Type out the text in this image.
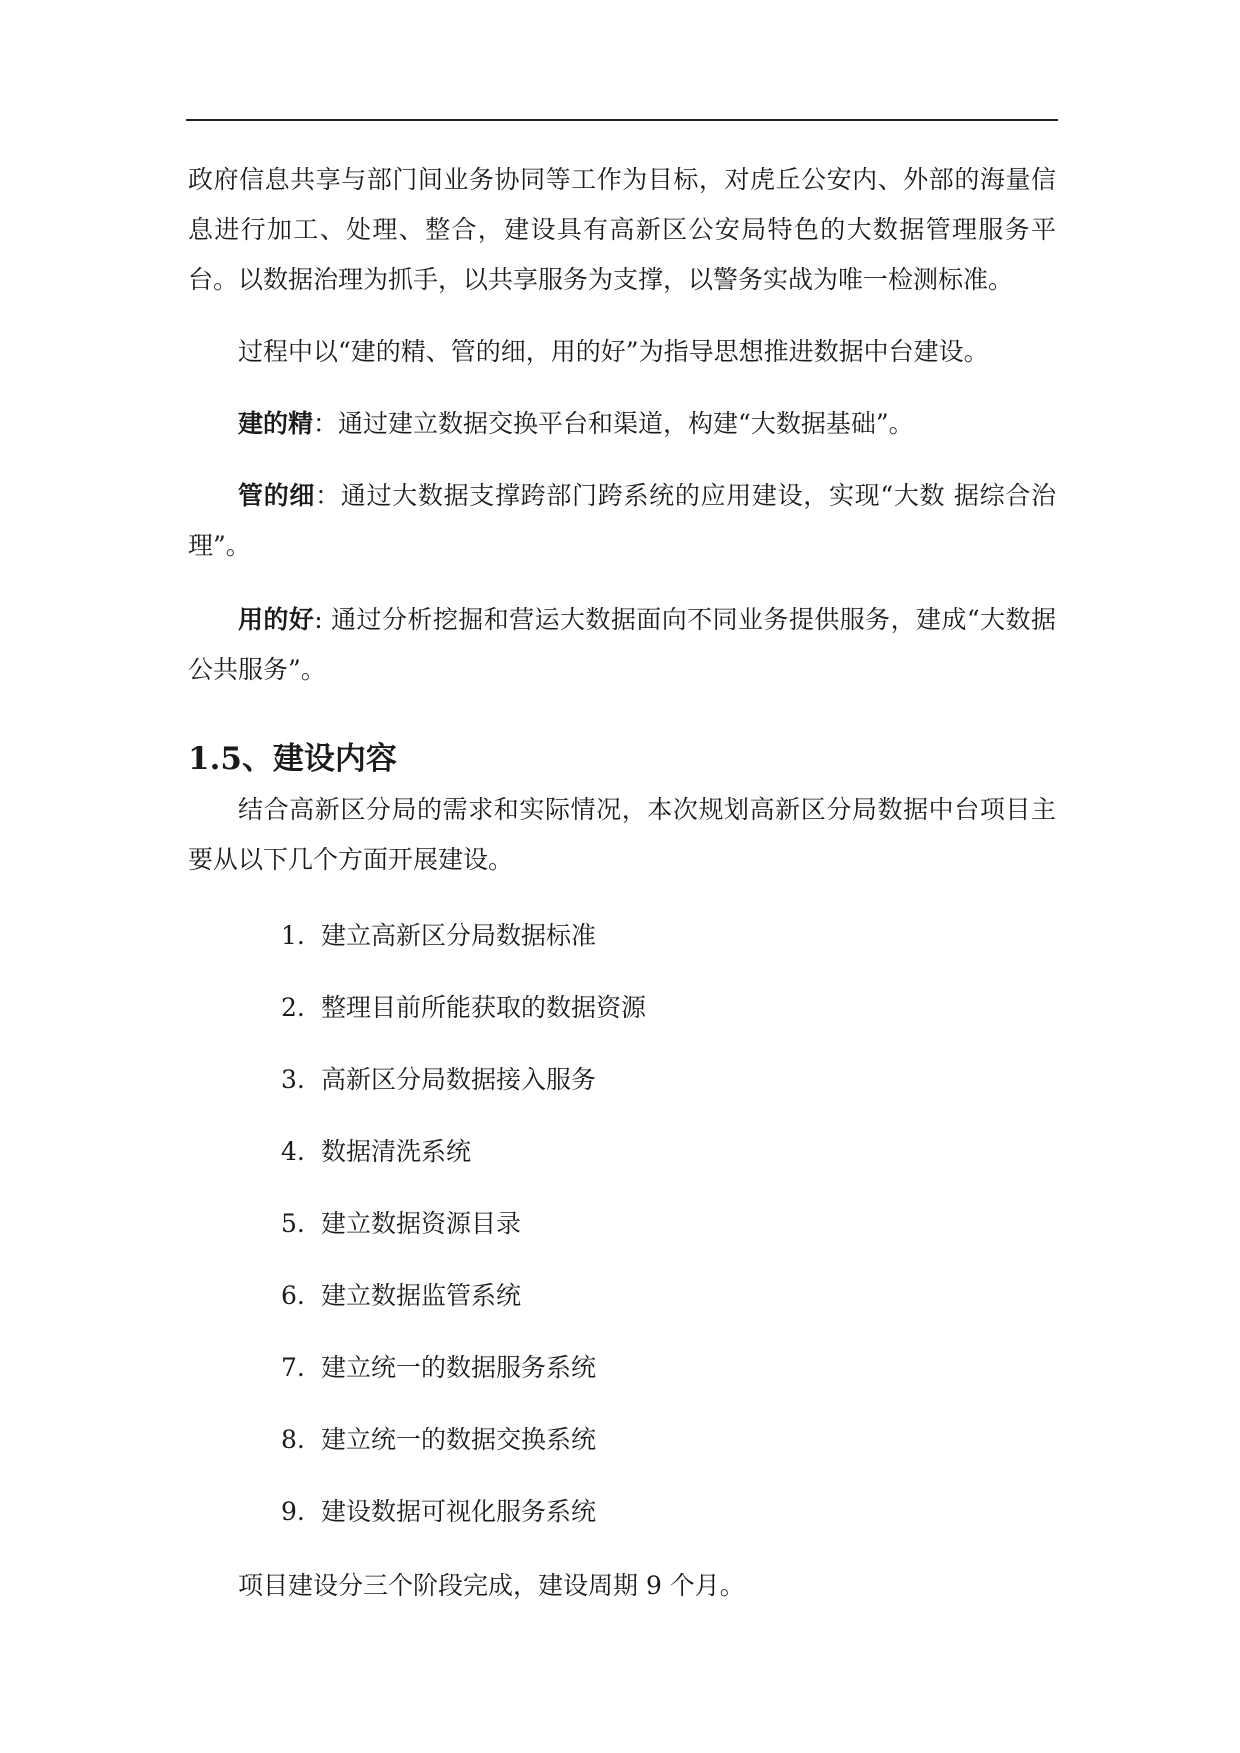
政府信息共享与部门间业务协同等工作为目标，对虎丘公安内、外部的海量信息进行加工、处理、整合，建设具有高新区公安局特色的大数据管理服务平台。以数据治理为抓手，以共享服务为支撑，以警务实战为唯一检测标准。

过程中以“建的精、管的细，用的好”为指导思想推进数据中台建设。

建的精：通过建立数据交换平台和渠道，构建“大数据基础”。

管的细：通过大数据支撑跨部门跨系统的应用建设，实现“大数 据综合治理”。

用的好: 通过分析挖掘和营运大数据面向不同业务提供服务，建成“大数据公共服务”。

1.5、建设内容

结合高新区分局的需求和实际情况，本次规划高新区分局数据中台项目主要从以下几个方面开展建设。

1. 建立高新区分局数据标准
2. 整理目前所能获取的数据资源
3. 高新区分局数据接入服务
4. 数据清洗系统
5. 建立数据资源目录
6. 建立数据监管系统
7. 建立统一的数据服务系统
8. 建立统一的数据交换系统
9. 建设数据可视化服务系统

项目建设分三个阶段完成，建设周期 9 个月。
